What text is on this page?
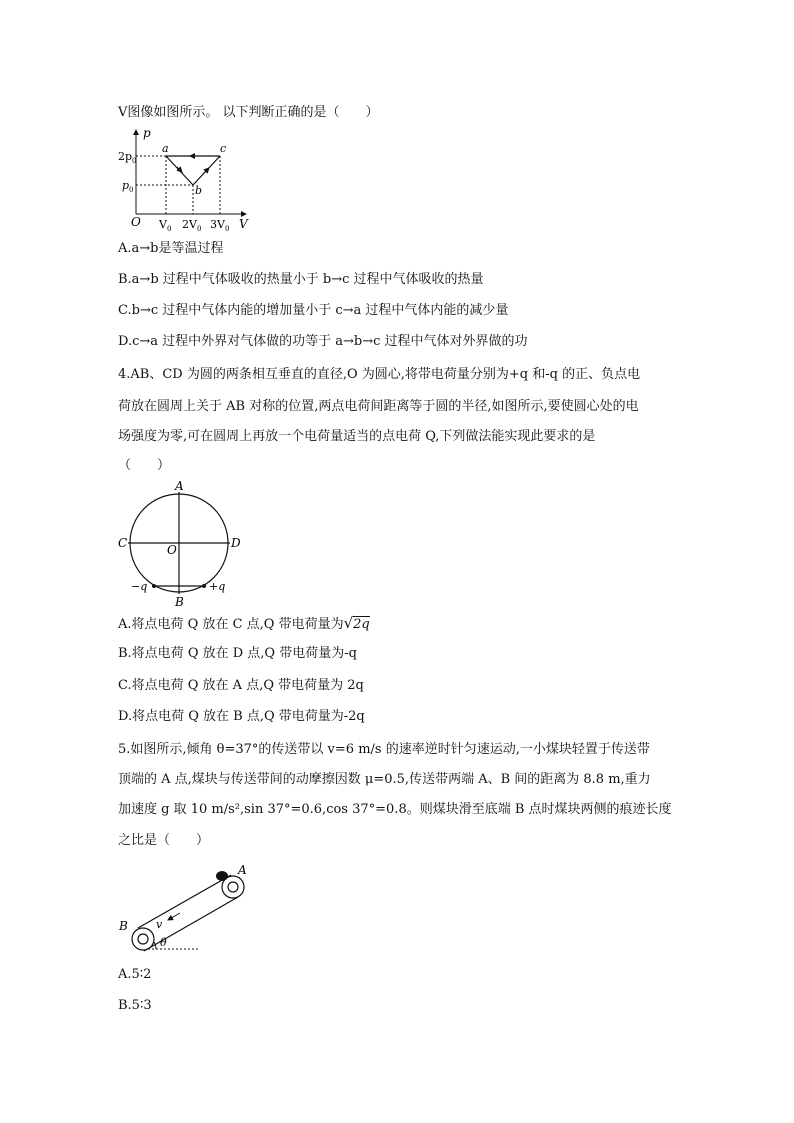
V图像如图所示。 以下判断正确的是（　　）
p
V
O
a
b
c
$2p_0$
$p_0$
$V_0$ $2V_0$ $3V_0$
A.a→b是等温过程
B.a→b 过程中气体吸收的热量小于 b→c 过程中气体吸收的热量
C.b→c 过程中气体内能的增加量小于 c→a 过程中气体内能的减少量
D.c→a 过程中外界对气体做的功等于 a→b→c 过程中气体对外界做的功
4.AB、CD 为圆的两条相互垂直的直径,O 为圆心,将带电荷量分别为+q 和-q 的正、负点电
荷放在圆周上关于 AB 对称的位置,两点电荷间距离等于圆的半径,如图所示,要使圆心处的电
场强度为零,可在圆周上再放一个电荷量适当的点电荷 Q,下列做法能实现此要求的是
（　　）
A
B
C	D
O
−q	+q
A.将点电荷 Q 放在 C 点,Q 带电荷量为√2q
B.将点电荷 Q 放在 D 点,Q 带电荷量为-q
C.将点电荷 Q 放在 A 点,Q 带电荷量为 2q
D.将点电荷 Q 放在 B 点,Q 带电荷量为-2q
5.如图所示,倾角 θ=37°的传送带以 v=6 m/s 的速率逆时针匀速运动,一小煤块轻置于传送带
顶端的 A 点,煤块与传送带间的动摩擦因数 μ=0.5,传送带两端 A、B 间的距离为 8.8 m,重力
加速度 g 取 10 m/s²,sin 37°=0.6,cos 37°=0.8。则煤块滑至底端 B 点时煤块两侧的痕迹长度
之比是（　　）
A
B	v
θ
A.5∶2
B.5∶3
